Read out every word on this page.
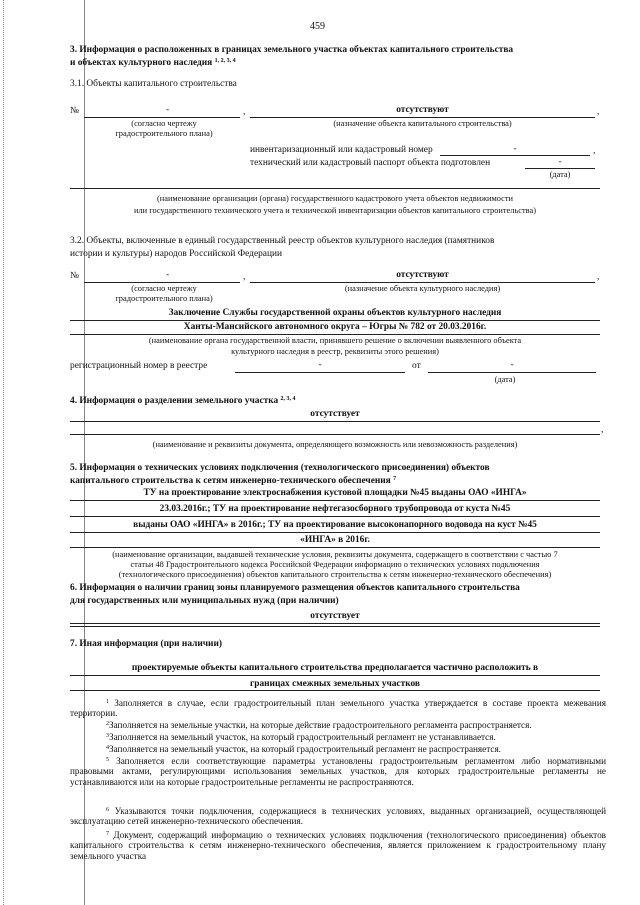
459
3. Информация о расположенных в границах земельного участка объектах капитального строительства
и объектах культурного наследия $^{1, 2, 3, 4}$
3.1. Объекты капитального строительства
№	-	,	отсутствуют	,
(согласно чертежу
градостроительного плана)
(назначение объекта капитального строительства)
инвентаризационный или кадастровый номер	-	,
технический или кадастровый паспорт объекта подготовлен	-
(дата)
(наименование организации (органа) государственного кадастрового учета объектов недвижимости
или государственного технического учета и технической инвентаризации объектов капитального строительства)
3.2. Объекты, включенные в единый государственный реестр объектов культурного наследия (памятников
истории и культуры) народов Российской Федерации
№	-	,	отсутствуют	,
(согласно чертежу
градостроительного плана)
(назначение объекта культурного наследия)
Заключение Службы государственной охраны объектов культурного наследия
Ханты-Мансийского автономного округа – Югры № 782 от 20.03.2016г.
(наименование органа государственной власти, принявшего решение о включении выявленного объекта
культурного наследия в реестр, реквизиты этого решения)
регистрационный номер в реестре	-	от	-
(дата)
4. Информация о разделении земельного участка $^{2, 3, 4}$
отсутствует
,
(наименование и реквизиты документа, определяющего возможность или невозможность разделения)
5. Информация о технических условиях подключения (технологического присоединения) объектов
капитального строительства к сетям инженерно-технического обеспечения $^7$
ТУ на проектирование электроснабжения кустовой площадки №45 выданы ОАО «ИНГА»
23.03.2016г.; ТУ на проектирование нефтегазосборного трубопровода от куста №45
выданы ОАО «ИНГА» в 2016г.; ТУ на проектирование высоконапорного водовода на куст №45
«ИНГА» в 2016г.
(наименование организации, выдавшей технические условия, реквизиты документа, содержащего в соответствии с частью 7
статьи 48 Градостроительного кодекса Российской Федерации информацию о технических условиях подключения
(технологического присоединения) объектов капитального строительства к сетям инженерно-технического обеспечения)
6. Информация о наличии границ зоны планируемого размещения объектов капитального строительства
для государственных или муниципальных нужд (при наличии)
отсутствует
7. Иная информация (при наличии)
проектируемые объекты капитального строительства предполагается частично расположить в
границах смежных земельных участков
$^1$ Заполняется в случае, если градостроительный план земельного участка утверждается в составе проекта межевания территории.
$^2$Заполняется на земельные участки, на которые действие градостроительного регламента распространяется.
$^3$Заполняется на земельный участок, на который градостроительный регламент не устанавливается.
$^4$Заполняется на земельный участок, на который градостроительный регламент не распространяется.
$^5$ Заполняется если соответствующие параметры установлены градостроительным регламентом либо нормативными правовыми актами, регулирующими использования земельных участков, для которых градостроительные регламенты не устанавливаются или на которые градостроительные регламенты не распространяются.
$^6$ Указываются точки подключения, содержащиеся в технических условиях, выданных организацией, осуществляющей эксплуатацию сетей инженерно-технического обеспечения.
$^7$ Документ, содержащий информацию о технических условиях подключения (технологического присоединения) объектов капитального строительства к сетям инженерно-технического обеспечения, является приложением к градостроительному плану земельного участка
